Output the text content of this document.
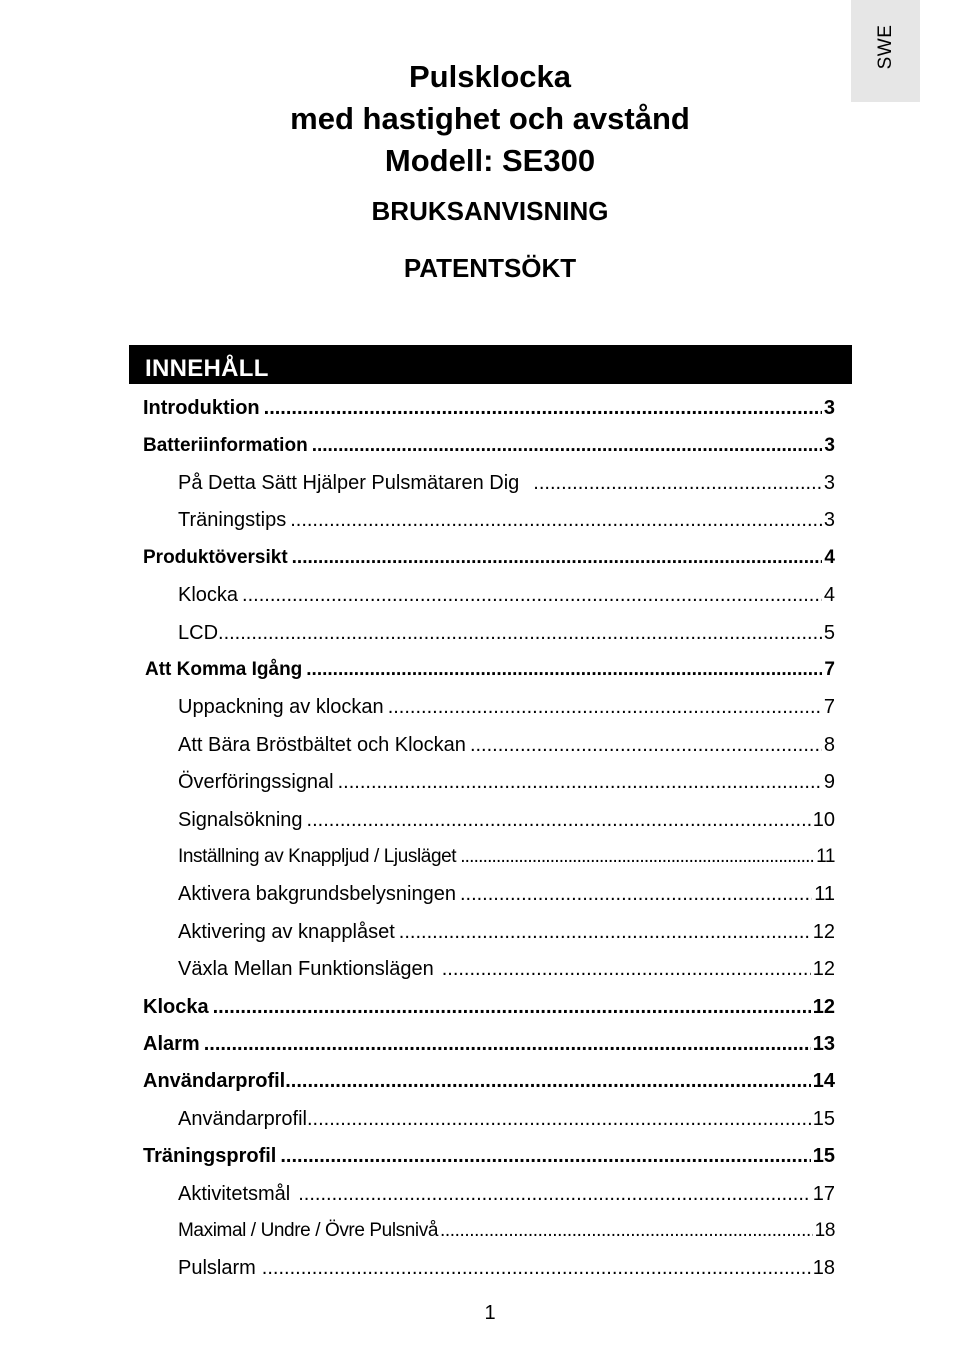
SWE
Pulsklocka
med hastighet och avstånd
Modell: SE300
BRUKSANVISNING
PATENTSÖKT
INNEHÅLL
Introduktion .....	3
Batteriinformation .....	3
På Detta Sätt Hjälper Pulsmätaren Dig .....	3
Träningstips .....	3
Produktöversikt .....	4
Klocka .....	4
LCD .....	5
Att Komma Igång .....	7
Uppackning av klockan .....	7
Att Bära Bröstbältet och Klockan .....	8
Överföringssignal .....	9
Signalsökning .....	10
Inställning av Knappljud / Ljusläget .....	11
Aktivera bakgrundsbelysningen .....	11
Aktivering av knapplåset .....	12
Växla Mellan Funktionslägen .....	12
Klocka .....	12
Alarm .....	13
Användarprofil .....	14
Användarprofil .....	15
Träningsprofil .....	15
Aktivitetsmål .....	17
Maximal / Undre / Övre Pulsnivå .....	18
Pulslarm .....	18
1
